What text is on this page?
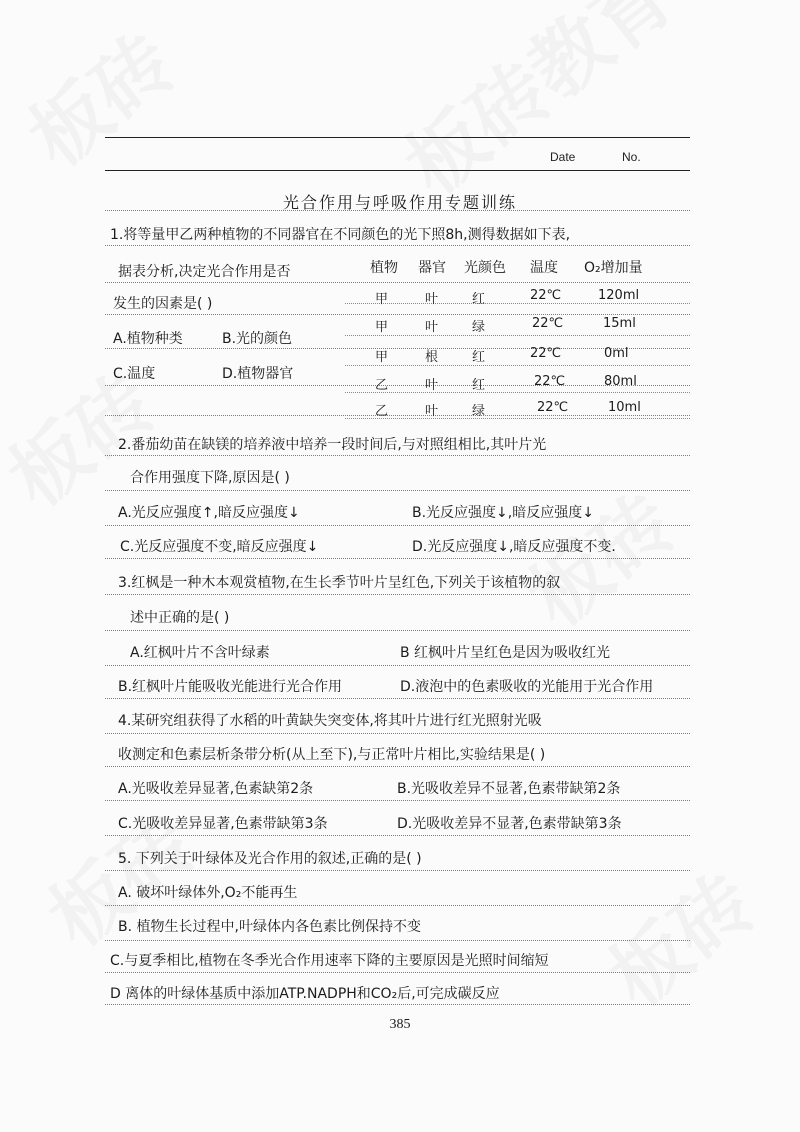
Date	No.
光合作用与呼吸作用专题训练
1.将等量甲乙两种植物的不同器官在不同颜色的光下照8h,测得数据如下表,
据表分析,决定光合作用是否
发生的因素是( )
A.植物种类	B.光的颜色
C.温度	D.植物器官
植物 器官 光颜色 温度 O₂增加量
甲	叶	红	22℃	120ml
甲	叶	绿	22℃	15ml
甲	根	红	22℃	0ml
乙	叶	红	22℃	80ml
乙	叶	绿	22℃	10ml
2.番茄幼苗在缺镁的培养液中培养一段时间后,与对照组相比,其叶片光
合作用强度下降,原因是( )
A.光反应强度↑,暗反应强度↓	B.光反应强度↓,暗反应强度↓
C.光反应强度不变,暗反应强度↓	D.光反应强度↓,暗反应强度不变.
3.红枫是一种木本观赏植物,在生长季节叶片呈红色,下列关于该植物的叙
述中正确的是( )
A.红枫叶片不含叶绿素	B 红枫叶片呈红色是因为吸收红光
B.红枫叶片能吸收光能进行光合作用	D.液泡中的色素吸收的光能用于光合作用
4.某研究组获得了水稻的叶黄缺失突变体,将其叶片进行红光照射光吸
收测定和色素层析条带分析(从上至下),与正常叶片相比,实验结果是( )
A.光吸收差异显著,色素缺第2条	B.光吸收差异不显著,色素带缺第2条
C.光吸收差异显著,色素带缺第3条	D.光吸收差异不显著,色素带缺第3条
5. 下列关于叶绿体及光合作用的叙述,正确的是( )
A. 破坏叶绿体外,O₂不能再生
B. 植物生长过程中,叶绿体内各色素比例保持不变
C.与夏季相比,植物在冬季光合作用速率下降的主要原因是光照时间缩短
D 离体的叶绿体基质中添加ATP.NADPH和CO₂后,可完成碳反应
385
